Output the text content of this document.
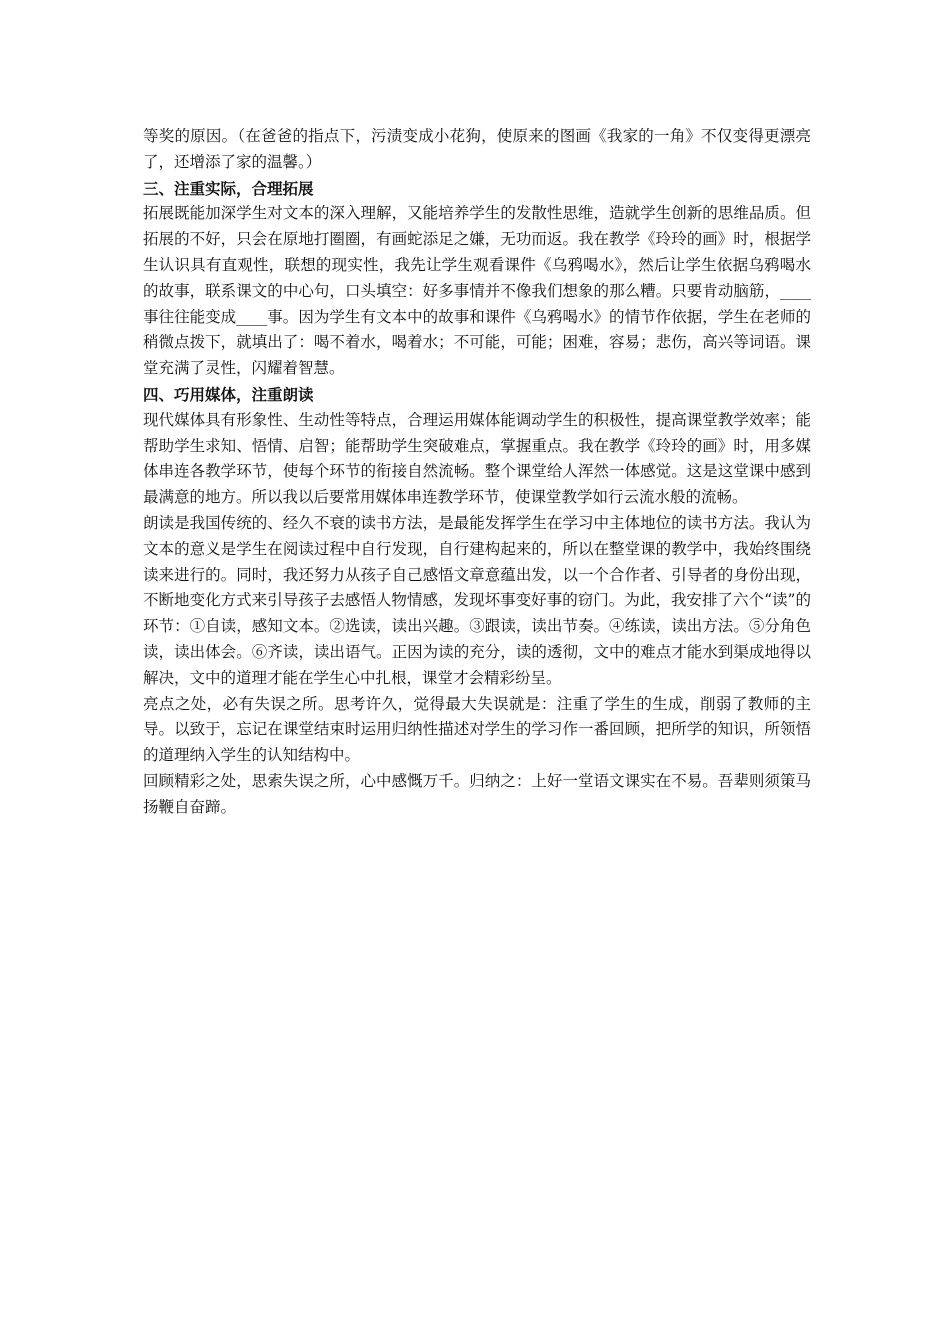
等奖的原因。（在爸爸的指点下，污渍变成小花狗，使原来的图画《我家的一角》不仅变得更漂亮了，还增添了家的温馨。）

三、注重实际，合理拓展

拓展既能加深学生对文本的深入理解，又能培养学生的发散性思维，造就学生创新的思维品质。但拓展的不好，只会在原地打圈圈，有画蛇添足之嫌，无功而返。我在教学《玲玲的画》时，根据学生认识具有直观性，联想的现实性，我先让学生观看课件《乌鸦喝水》，然后让学生依据乌鸦喝水的故事，联系课文的中心句，口头填空：好多事情并不像我们想象的那么糟。只要肯动脑筋，____事往往能变成____事。因为学生有文本中的故事和课件《乌鸦喝水》的情节作依据，学生在老师的稍微点拨下，就填出了：喝不着水，喝着水；不可能，可能；困难，容易；悲伤，高兴等词语。课堂充满了灵性，闪耀着智慧。

四、巧用媒体，注重朗读

现代媒体具有形象性、生动性等特点，合理运用媒体能调动学生的积极性，提高课堂教学效率；能帮助学生求知、悟情、启智；能帮助学生突破难点，掌握重点。我在教学《玲玲的画》时，用多媒体串连各教学环节，使每个环节的衔接自然流畅。整个课堂给人浑然一体感觉。这是这堂课中感到最满意的地方。所以我以后要常用媒体串连教学环节，使课堂教学如行云流水般的流畅。

朗读是我国传统的、经久不衰的读书方法，是最能发挥学生在学习中主体地位的读书方法。我认为文本的意义是学生在阅读过程中自行发现，自行建构起来的，所以在整堂课的教学中，我始终围绕读来进行的。同时，我还努力从孩子自己感悟文章意蕴出发，以一个合作者、引导者的身份出现，不断地变化方式来引导孩子去感悟人物情感，发现坏事变好事的窃门。为此，我安排了六个“读”的环节：①自读，感知文本。②选读，读出兴趣。③跟读，读出节奏。④练读，读出方法。⑤分角色读，读出体会。⑥齐读，读出语气。正因为读的充分，读的透彻，文中的难点才能水到渠成地得以解决，文中的道理才能在学生心中扎根，课堂才会精彩纷呈。

亮点之处，必有失误之所。思考许久，觉得最大失误就是：注重了学生的生成，削弱了教师的主导。以致于，忘记在课堂结束时运用归纳性描述对学生的学习作一番回顾，把所学的知识，所领悟的道理纳入学生的认知结构中。

回顾精彩之处，思索失误之所，心中感慨万千。归纳之：上好一堂语文课实在不易。吾辈则须策马扬鞭自奋蹄。
